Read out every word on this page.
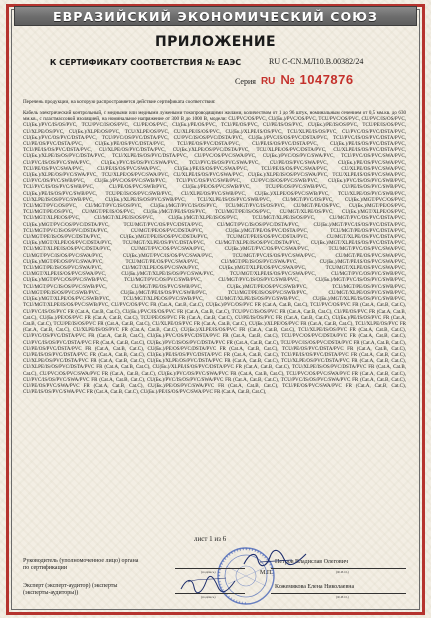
ЕВРАЗИЙСКИЙ ЭКОНОМИЧЕСКИЙ СОЮЗ
ПРИЛОЖЕНИЕ
К СЕРТИФИКАТУ СООТВЕТСТВИЯ № ЕАЭС	RU С-CN.МЛ10.В.00382/24
Серия RU № 1047876
Перечень продукции, на которую распространяется действие сертификата соответствия:
Кабель электрический контрольный, с медными или медными лужеными токопроводящими жилами, количеством от 1 до 96 штук, номинальным сечением от 0,5 мм.кв. до 630 мм.кв., с пластмассовой изоляцией, на номинальное напряжение от 300 В до 1000 В, модели: CU/PVC/OS/PVC, CU(Бк.)/PVC/OS/PVC, TCU/PVC/OS/PVC, CU/PVC/IS/OS/PVC, CU(Бк.)/PVC/IS/OS/PVC, TCU/PVC/IS/OS/PVC, CU/PE/OS/PVC, CU(Бк.)/PE/OS/PVC, TCU/PE/OS/PVC, CU/PE/IS/OS/PVC, CU(Бк.)/PE/IS/OS/PVC, TCU/PE/IS/OS/PVC, CU/XLPE/OS/PVC, CU(Бк.)/XLPE/OS/PVC, TCU/XLPE/OS/PVC, CU/XLPE/IS/OS/PVC, CU(Бк.)/XLPE/IS/OS/PVC, TCU/XLPE/IS/OS/PVC, CU/PVC/OS/PVC/DSTA/PVC, CU(Бк.)/PVC/OS/PVC/DSTA/PVC, TCU/PVC/OS/PVC/DSTA/PVC, CU/PVC/IS/OS/PVC/DSTA/PVC, CU(Бк.)/PVC/IS/OS/PVC/DSTA/PVC, TCU/PVC/IS/OS/PVC/DSTA/PVC, CU/PE/OS/PVC/DSTA/PVC, CU(Бк.)/PE/OS/PVC/DSTA/PVC, TCU/PE/OS/PVC/DSTA/PVC, CU/PE/IS/OS/PVC/DSTA/PVC, CU(Бк.)/PE/IS/OS/PVC/DSTA/PVC, TCU/PE/IS/OS/PVC/DSTA/PVC, CU/XLPE/OS/PVC/DSTA/PVC, CU(Бк.)/XLPE/OS/PVC/DSTA/PVC, TCU/XLPE/OS/PVC/DSTA/PVC, CU/XLPE/IS/OS/PVC/DSTA/PVC, CU(Бк.)/XLPE/IS/OS/PVC/DSTA/PVC, TCU/XLPE/IS/OS/PVC/DSTA/PVC, CU/PVC/OS/PVC/SWA/PVC, CU(Бк.)/PVC/OS/PVC/SWA/PVC, TCU/PVC/OS/PVC/SWA/PVC, CU/PVC/IS/OS/PVC/SWA/PVC, CU(Бк.)/PVC/IS/OS/PVC/SWA/PVC, TCU/PVC/IS/OS/PVC/SWA/PVC, CU/PE/OS/PVC/SWA/PVC, CU(Бк.)/PE/OS/PVC/SWA/PVC, TCU/PE/OS/PVC/SWA/PVC, CU/PE/IS/OS/PVC/SWA/PVC, CU(Бк.)/PE/IS/OS/PVC/SWA/PVC, TCU/PE/IS/OS/PVC/SWA/PVC, CU/XLPE/OS/PVC/SWA/PVC, CU(Бк.)/XLPE/OS/PVC/SWA/PVC, TCU/XLPE/OS/PVC/SWA/PVC, CU/XLPE/IS/OS/PVC/SWA/PVC, CU(Бк.)/XLPE/IS/OS/PVC/SWA/PVC, TCU/XLPE/IS/OS/PVC/SWA/PVC, CU/PVC/OS/PVC/SWB/PVC, CU(Бк.)/PVC/OS/PVC/SWB/PVC, TCU/PVC/OS/PVC/SWB/PVC, CU/PVC/IS/OS/PVC/SWB/PVC, CU(Бк.)/PVC/IS/OS/PVC/SWB/PVC, TCU/PVC/IS/OS/PVC/SWB/PVC, CU/PE/OS/PVC/SWB/PVC, CU(Бк.)/PE/OS/PVC/SWB/PVC, TCU/PE/OS/PVC/SWB/PVC, CU/PE/IS/OS/PVC/SWB/PVC, CU(Бк.)/PE/IS/OS/PVC/SWB/PVC, TCU/PE/IS/OS/PVC/SWB/PVC, CU/XLPE/OS/PVC/SWB/PVC, CU(Бк.)/XLPE/OS/PVC/SWB/PVC, TCU/XLPE/OS/PVC/SWB/PVC, CU/XLPE/IS/OS/PVC/SWB/PVC, CU(Бк.)/XLPE/IS/OS/PVC/SWB/PVC, TCU/XLPE/IS/OS/PVC/SWB/PVC, CU/MGT/PVC/OS/PVC, CU(Бк.)/MGT/PVC/OS/PVC, TCU/MGT/PVC/OS/PVC, CU/MGT/PVC/IS/OS/PVC, CU(Бк.)/MGT/PVC/IS/OS/PVC, TCU/MGT/PVC/IS/OS/PVC, CU/MGT/PE/OS/PVC, CU(Бк.)/MGT/PE/OS/PVC, TCU/MGT/PE/OS/PVC, CU/MGT/PE/IS/OS/PVC, CU(Бк.)/MGT/PE/IS/OS/PVC, TCU/MGT/PE/IS/OS/PVC, CU/MGT/XLPE/OS/PVC, CU(Бк.)/MGT/XLPE/OS/PVC, TCU/MGT/XLPE/OS/PVC, CU/MGT/XLPE/IS/OS/PVC, CU(Бк.)/MGT/XLPE/IS/OS/PVC, TCU/MGT/XLPE/IS/OS/PVC, CU/MGT/PVC/OS/PVC/DSTA/PVC, CU(Бк.)/MGT/PVC/OS/PVC/DSTA/PVC, TCU/MGT/PVC/OS/PVC/DSTA/PVC, CU/MGT/PVC/IS/OS/PVC/DSTA/PVC, CU(Бк.)/MGT/PVC/IS/OS/PVC/DSTA/PVC, TCU/MGT/PVC/IS/OS/PVC/DSTA/PVC, CU/MGT/PE/OS/PVC/DSTA/PVC, CU(Бк.)/MGT/PE/OS/PVC/DSTA/PVC, TCU/MGT/PE/OS/PVC/DSTA/PVC, CU/MGT/PE/IS/OS/PVC/DSTA/PVC, CU(Бк.)/MGT/PE/IS/OS/PVC/DSTA/PVC, TCU/MGT/PE/IS/OS/PVC/DSTA/PVC, CU/MGT/XLPE/OS/PVC/DSTA/PVC, CU(Бк.)/MGT/XLPE/OS/PVC/DSTA/PVC, TCU/MGT/XLPE/OS/PVC/DSTA/PVC, CU/MGT/XLPE/IS/OS/PVC/DSTA/PVC, CU(Бк.)/MGT/XLPE/IS/OS/PVC/DSTA/PVC, TCU/MGT/XLPE/IS/OS/PVC/DSTA/PVC, CU/MGT/PVC/OS/PVC/SWA/PVC, CU(Бк.)/MGT/PVC/OS/PVC/SWA/PVC, TCU/MGT/PVC/OS/PVC/SWA/PVC, CU/MGT/PVC/IS/OS/PVC/SWA/PVC, CU(Бк.)/MGT/PVC/IS/OS/PVC/SWA/PVC, TCU/MGT/PVC/IS/OS/PVC/SWA/PVC, CU/MGT/PE/OS/PVC/SWA/PVC, CU(Бк.)/MGT/PE/OS/PVC/SWA/PVC, TCU/MGT/PE/OS/PVC/SWA/PVC, CU/MGT/PE/IS/OS/PVC/SWA/PVC, CU(Бк.)/MGT/PE/IS/OS/PVC/SWA/PVC, TCU/MGT/PE/IS/OS/PVC/SWA/PVC, CU/MGT/XLPE/OS/PVC/SWA/PVC, CU(Бк.)/MGT/XLPE/OS/PVC/SWA/PVC, TCU/MGT/XLPE/OS/PVC/SWA/PVC, CU/MGT/XLPE/IS/OS/PVC/SWA/PVC, CU(Бк.)/MGT/XLPE/IS/OS/PVC/SWA/PVC, TCU/MGT/XLPE/IS/OS/PVC/SWA/PVC, CU/MGT/PVC/OS/PVC/SWB/PVC, CU(Бк.)/MGT/PVC/OS/PVC/SWB/PVC, TCU/MGT/PVC/OS/PVC/SWB/PVC, CU/MGT/PVC/IS/OS/PVC/SWB/PVC, CU(Бк.)/MGT/PVC/IS/OS/PVC/SWB/PVC, TCU/MGT/PVC/IS/OS/PVC/SWB/PVC, CU/MGT/PE/OS/PVC/SWB/PVC, CU(Бк.)/MGT/PE/OS/PVC/SWB/PVC, TCU/MGT/PE/OS/PVC/SWB/PVC, CU/MGT/PE/IS/OS/PVC/SWB/PVC, CU(Бк.)/MGT/PE/IS/OS/PVC/SWB/PVC, TCU/MGT/PE/IS/OS/PVC/SWB/PVC, CU/MGT/XLPE/OS/PVC/SWB/PVC, CU(Бк.)/MGT/XLPE/OS/PVC/SWB/PVC, TCU/MGT/XLPE/OS/PVC/SWB/PVC, CU/MGT/XLPE/IS/OS/PVC/SWB/PVC, CU(Бк.)/MGT/XLPE/IS/OS/PVC/SWB/PVC, TCU/MGT/XLPE/IS/OS/PVC/SWB/PVC, CU/PVC/OS/PVC FR (Cat.A, Cat.B, Cat.C), CU(Бк.)/PVC/OS/PVC FR (Cat.A, Cat.B, Cat.C), TCU/PVC/OS/PVC FR (Cat.A, Cat.B, Cat.C), CU/PVC/IS/OS/PVC FR (Cat.A, Cat.B, Cat.C), CU(Бк.)/PVC/IS/OS/PVC FR (Cat.A, Cat.B, Cat.C), TCU/PVC/IS/OS/PVC FR (Cat.A, Cat.B, Cat.C), CU/PE/OS/PVC FR (Cat.A, Cat.B, Cat.C), CU(Бк.)/PE/OS/PVC FR (Cat.A, Cat.B, Cat.C), TCU/PE/OS/PVC FR (Cat.A, Cat.B, Cat.C), CU/PE/IS/OS/PVC FR (Cat.A, Cat.B, Cat.C), CU(Бк.)/PE/IS/OS/PVC FR (Cat.A, Cat.B, Cat.C), TCU/PE/IS/OS/PVC FR (Cat.A, Cat.B, Cat.C), CU/XLPE/OS/PVC FR (Cat.A, Cat.B, Cat.C), CU(Бк.)/XLPE/OS/PVC FR (Cat.A, Cat.B, Cat.C), TCU/XLPE/OS/PVC FR (Cat.A, Cat.B, Cat.C), CU/XLPE/IS/OS/PVC FR (Cat.A, Cat.B, Cat.C), CU(Бк.)/XLPE/IS/OS/PVC FR (Cat.A, Cat.B, Cat.C), TCU/XLPE/IS/OS/PVC FR (Cat.A, Cat.B, Cat.C), CU/PVC/OS/PVC/DSTA/PVC FR (Cat.A, Cat.B, Cat.C), CU(Бк.)/PVC/OS/PVC/DSTA/PVC FR (Cat.A, Cat.B, Cat.C), TCU/PVC/OS/PVC/DSTA/PVC FR (Cat.A, Cat.B, Cat.C), CU/PVC/IS/OS/PVC/DSTA/PVC FR (Cat.A, Cat.B, Cat.C), CU(Бк.)/PVC/IS/OS/PVC/DSTA/PVC FR (Cat.A, Cat.B, Cat.C), TCU/PVC/IS/OS/PVC/DSTA/PVC FR (Cat.A, Cat.B, Cat.C), CU/PE/OS/PVC/DSTA/PVC FR (Cat.A, Cat.B, Cat.C), CU(Бк.)/PE/OS/PVC/DSTA/PVC FR (Cat.A, Cat.B, Cat.C), TCU/PE/OS/PVC/DSTA/PVC FR (Cat.A, Cat.B, Cat.C), CU/PE/IS/OS/PVC/DSTA/PVC FR (Cat.A, Cat.B, Cat.C), CU(Бк.)/PE/IS/OS/PVC/DSTA/PVC FR (Cat.A, Cat.B, Cat.C), TCU/PE/IS/OS/PVC/DSTA/PVC FR (Cat.A, Cat.B, Cat.C), CU/XLPE/OS/PVC/DSTA/PVC FR (Cat.A, Cat.B, Cat.C), CU(Бк.)/XLPE/OS/PVC/DSTA/PVC FR (Cat.A, Cat.B, Cat.C), TCU/XLPE/OS/PVC/DSTA/PVC FR (Cat.A, Cat.B, Cat.C), CU/XLPE/IS/OS/PVC/DSTA/PVC FR (Cat.A, Cat.B, Cat.C), CU(Бк.)/XLPE/IS/OS/PVC/DSTA/PVC FR (Cat.A, Cat.B, Cat.C), TCU/XLPE/IS/OS/PVC/DSTA/PVC FR (Cat.A, Cat.B, Cat.C), CU/PVC/OS/PVC/SWA/PVC FR (Cat.A, Cat.B, Cat.C), CU(Бк.)/PVC/OS/PVC/SWA/PVC FR (Cat.A, Cat.B, Cat.C), TCU/PVC/OS/PVC/SWA/PVC FR (Cat.A, Cat.B, Cat.C), CU/PVC/IS/OS/PVC/SWA/PVC FR (Cat.A, Cat.B, Cat.C), CU(Бк.)/PVC/IS/OS/PVC/SWA/PVC FR (Cat.A, Cat.B, Cat.C), TCU/PVC/IS/OS/PVC/SWA/PVC FR (Cat.A, Cat.B, Cat.C), CU/PE/OS/PVC/SWA/PVC FR (Cat.A, Cat.B, Cat.C), CU(Бк.)/PE/OS/PVC/SWA/PVC FR (Cat.A, Cat.B, Cat.C), TCU/PE/OS/PVC/SWA/PVC FR (Cat.A, Cat.B, Cat.C), CU/PE/IS/OS/PVC/SWA/PVC FR (Cat.A, Cat.B, Cat.C), CU(Бк.)/PE/IS/OS/PVC/SWA/PVC FR (Cat.A, Cat.B, Cat.C),
лист 1 из 6
Руководитель (уполномоченное лицо) органа по сертификации
(подпись)
Петров Владислав Олегович
(Ф.И.О.)
Эксперт (эксперт-аудитор) (эксперты (эксперты-аудиторы))
(подпись)
Кожемякова Елена Николаевна
(Ф.И.О.)
М.П.
